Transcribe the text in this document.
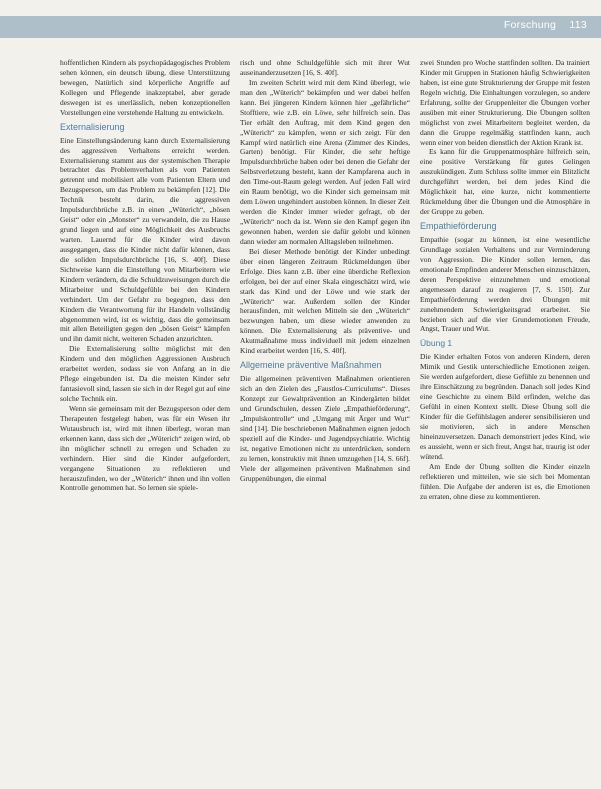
Forschung 113

hoffentlichen Kindern als psychopädagogisches Problem sehen können, ein deutsch übung, diese Unterstützung bewegen, Natürlich sind körperliche Angriffe auf Kollegen und Pflegende inakzeptabel, aber gerade deswegen ist es unerlässlich, neben konzeptionellen Vorstellungen eine verstehende Haltung zu entwickeln.

Externalisierung

Eine Einstellungsänderung kann durch Externalisierung des aggressiven Verhaltens erreicht werden. Externalisierung stammt aus der systemischen Therapie betrachtet das Problemverhalten als vom Patienten getrennt und mobilisiert alle vom Patienten Eltern und Bezugsperson, um das Problem zu bekämpfen [12]. Die Technik besteht darin, die aggressiven Impulsdurchbrüche z.B. in einen „Wüterich“, „bösen Geist“ oder ein „Monster“ zu verwandeln, die zu Hause grund liegen und auf eine Möglichkeit des Ausbruchs warten. Lauernd für die Kinder wird davon ausgegangen, dass die Kinder nicht dafür können, dass die soliden Impulsdurchbrüche [16, S. 40f]. Diese Sichtweise kann die Einstellung von Mitarbeitern wie Kindern verändern, da die Schuldzuweisungen durch die Mitarbeiter und Schuldgefühle bei den Kindern verhindert. Um der Gefahr zu begegnen, dass den Kindern die Verantwortung für ihr Handeln vollständig abgenommen wird, ist es wichtig, dass die gemeinsam mit allen Beteiligten gegen den „bösen Geist“ kämpfen und ihn damit nicht, weiteren Schaden anzurichten.

Die Externalisierung sollte möglichst mit den Kindern und den möglichen Aggressionen Ausbruch erarbeitet werden, sodass sie von Anfang an in die Pflege eingebunden ist. Da die meisten Kinder sehr fantasievoll sind, lassen sie sich in der Regel gut auf eine solche Technik ein.

Wenn sie gemeinsam mit der Bezugsperson oder dem Therapeuten festgelegt haben, was für ein Wesen ihr Wutausbruch ist, wird mit ihnen überlegt, woran man erkennen kann, dass sich der „Wüterich“ zeigen wird, ob ihn möglicher schnell zu erregen und Schaden zu verhindern. Hier sind die Kinder aufgefordert, vergangene Situationen zu reflektieren und herauszufinden, wo der „Wüterich“ ihnen und ihn vollen Kontrolle genommen hat. So lernen sie spiele-

risch und ohne Schuldgefühle sich mit ihrer Wut auseinanderzusetzen [16, S. 40f].

Im zweiten Schritt wird mit dem Kind überlegt, wie man den „Wüterich“ bekämpfen und wer dabei helfen kann. Bei jüngeren Kindern können hier „gefährliche“ Stofftiere, wie z.B. ein Löwe, sehr hilfreich sein. Das Tier erhält den Auftrag, mit dem Kind gegen den „Wüterich“ zu kämpfen, wenn er sich zeigt. Für den Kampf wird natürlich eine Arena (Zimmer des Kindes, Garten) benötigt. Für Kinder, die sehr heftige Impulsdurchbrüche haben oder bei denen die Gefahr der Selbstverletzung besteht, kann der Kampfarena auch in den Time-out-Raum gelegt werden. Auf jeden Fall wird ein Raum benötigt, wo die Kinder sich gemeinsam mit dem Löwen ungehindert austoben können. In dieser Zeit werden die Kinder immer wieder gefragt, ob der „Wüterich“ noch da ist. Wenn sie den Kampf gegen ihn gewonnen haben, werden sie dafür gelobt und können dann wieder am normalen Alltagsleben teilnehmen.

Bei dieser Methode benötigt der Kinder unbedingt über einen längeren Zeitraum Rückmeldungen über Erfolge. Dies kann z.B. über eine überdiche Reflexion erfolgen, bei der auf einer Skala eingeschätzt wird, wie stark das Kind und der Löwe und wie stark der „Wüterich“ war. Außerdem sollen der Kinder herausfinden, mit welchen Mitteln sie den „Wüterich“ bezwungen haben, um diese wieder anwenden zu können. Die Externalisierung als präventive- und Akutmaßnahme muss individuell mit jedem einzelnen Kind erarbeitet werden [16, S. 40f].

Allgemeine präventive Maßnahmen

Die allgemeinen präventiven Maßnahmen orientieren sich an den Zielen des „Faustlos-Curriculums“. Dieses Konzept zur Gewaltprävention an Kindergärten bildet und Grundschulen, dessen Ziele „Empathieförderung“, „Impulskontrolle“ und „Umgang mit Ärger und Wut“ sind [14]. Die beschriebenen Maßnahmen eignen jedoch speziell auf die Kinder- und Jugendpsychiatrie. Wichtig ist, negative Emotionen nicht zu unterdrücken, sondern zu lernen, konstruktiv mit ihnen umzugehen [14, S. 66f]. Viele der allgemeinen präventiven Maßnahmen sind Gruppenübungen, die einmal

zwei Stunden pro Woche stattfinden sollten. Da trainiert Kinder mit Gruppen in Stationen häufig Schwierigkeiten haben, ist eine gute Strukturierung der Gruppe mit festen Regeln wichtig. Die Einhaltungen vorzulegen, so andere Erfahrung, sollte der Gruppenleiter die Übungen vorher ausüben mit einer Strukturierung. Die Übungen sollten möglichst von zwei Mitarbeitern begleitet werden, da dann die Gruppe regelmäßig stattfinden kann, auch wenn einer von beiden dienstlich der Aktion Krank ist.

Es kann für die Gruppenatmosphäre hilfreich sein, eine positive Verstärkung für gutes Gelingen auszukündigen. Zum Schluss sollte immer ein Blitzlicht durchgeführt werden, bei dem jedes Kind die Möglichkeit hat, eine kurze, nicht kommentierte Rückmeldung über die Übungen und die Atmosphäre in der Gruppe zu geben.

Empathieförderung

Empathie (sogar zu können, ist eine wesentliche Grundlage sozialen Verhaltens und zur Verminderung von Aggression. Die Kinder sollen lernen, das emotionale Empfinden anderer Menschen einzuschätzen, deren Perspektive einzunehmen und emotional angemessen darauf zu reagieren [7, S. 150]. Zur Empathieförderung werden drei Übungen mit zunehmendem Schwierigkeitsgrad erarbeitet. Sie beziehen sich auf die vier Grundemotionen Freude, Angst, Trauer und Wut.

Übung 1

Die Kinder erhalten Fotos von anderen Kindern, deren Mimik und Gestik unterschiedliche Emotionen zeigen. Sie werden aufgefordert, diese Gefühle zu benennen und ihre Einschätzung zu begründen. Danach soll jedes Kind eine Geschichte zu einem Bild erfinden, welche das Gefühl in einen Kontext stellt. Diese Übung soll die Kinder für die Gefühlslagen anderer sensibilisieren und sie motivieren, sich in andere Menschen hineinzuversetzen. Danach demonstriert jedes Kind, wie es aussieht, wenn er sich freut, Angst hat, traurig ist oder wütend.

Am Ende der Übung sollten die Kinder einzeln reflektieren und mitteilen, wie sie sich bei Momentan fühlen. Die Aufgabe der anderen ist es, die Emotionen zu erraten, ohne diese zu kommentieren.
